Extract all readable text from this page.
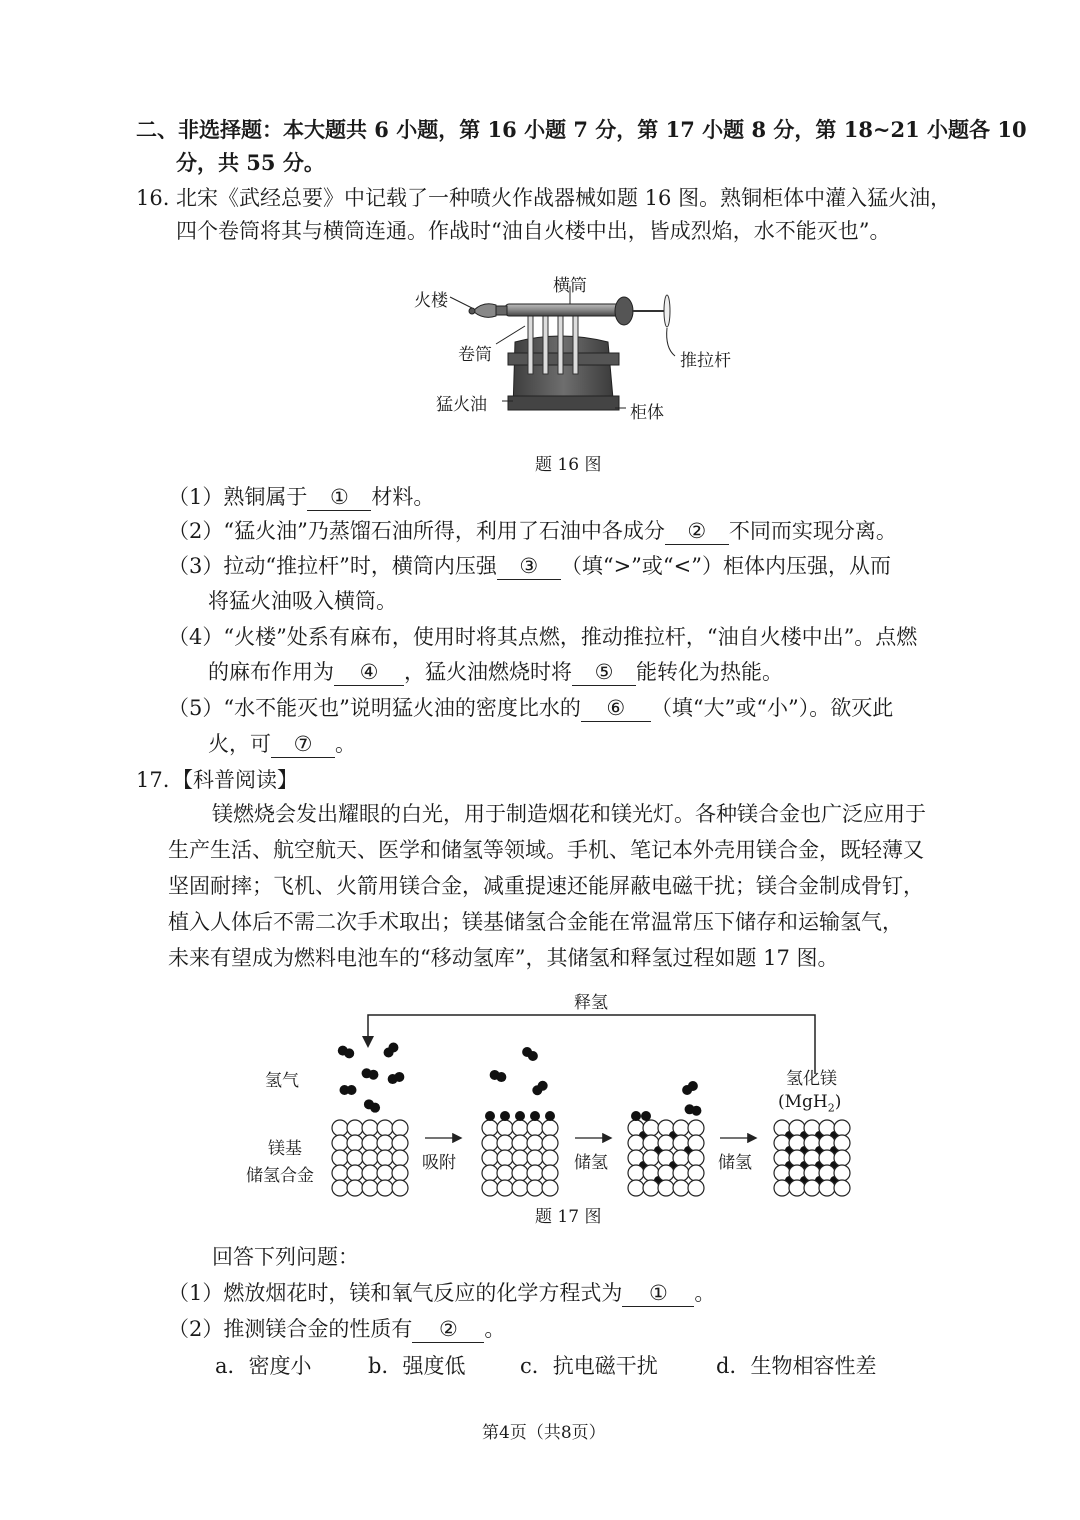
二、非选择题：本大题共 6 小题，第 16 小题 7 分，第 17 小题 8 分，第 18~21 小题各 10
分，共 55 分。
16. 北宋《武经总要》中记载了一种喷火作战器械如题 16 图。熟铜柜体中灌入猛火油，
四个卷筒将其与横筒连通。作战时“油自火楼中出，皆成烈焰，水不能灭也”。
火楼
横筒
卷筒	推拉杆
猛火油	柜体
题 16 图
（1）熟铜属于 ① 材料。
（2）“猛火油”乃蒸馏石油所得，利用了石油中各成分 ② 不同而实现分离。
（3）拉动“推拉杆”时，横筒内压强 ③ （填“>”或“<”）柜体内压强，从而
将猛火油吸入横筒。
（4）“火楼”处系有麻布，使用时将其点燃，推动推拉杆，“油自火楼中出”。点燃
的麻布作用为 ④ ，猛火油燃烧时将 ⑤ 能转化为热能。
（5）“水不能灭也”说明猛火油的密度比水的 ⑥ （填“大”或“小”）。欲灭此
火，可 ⑦ 。
17. 【科普阅读】
镁燃烧会发出耀眼的白光，用于制造烟花和镁光灯。各种镁合金也广泛应用于
生产生活、航空航天、医学和储氢等领域。手机、笔记本外壳用镁合金，既轻薄又
坚固耐摔；飞机、火箭用镁合金，减重提速还能屏蔽电磁干扰；镁合金制成骨钉，
植入人体后不需二次手术取出；镁基储氢合金能在常温常压下储存和运输氢气，
未来有望成为燃料电池车的“移动氢库”，其储氢和释氢过程如题 17 图。
释氢
氢气
镁基
储氢合金
吸附	储氢	储氢
氢化镁
(MgH$_2$)
题 17 图
回答下列问题：
（1）燃放烟花时，镁和氧气反应的化学方程式为 ① 。
（2）推测镁合金的性质有 ② 。
a．密度小	b．强度低	c．抗电磁干扰	d．生物相容性差
第4页（共8页）
